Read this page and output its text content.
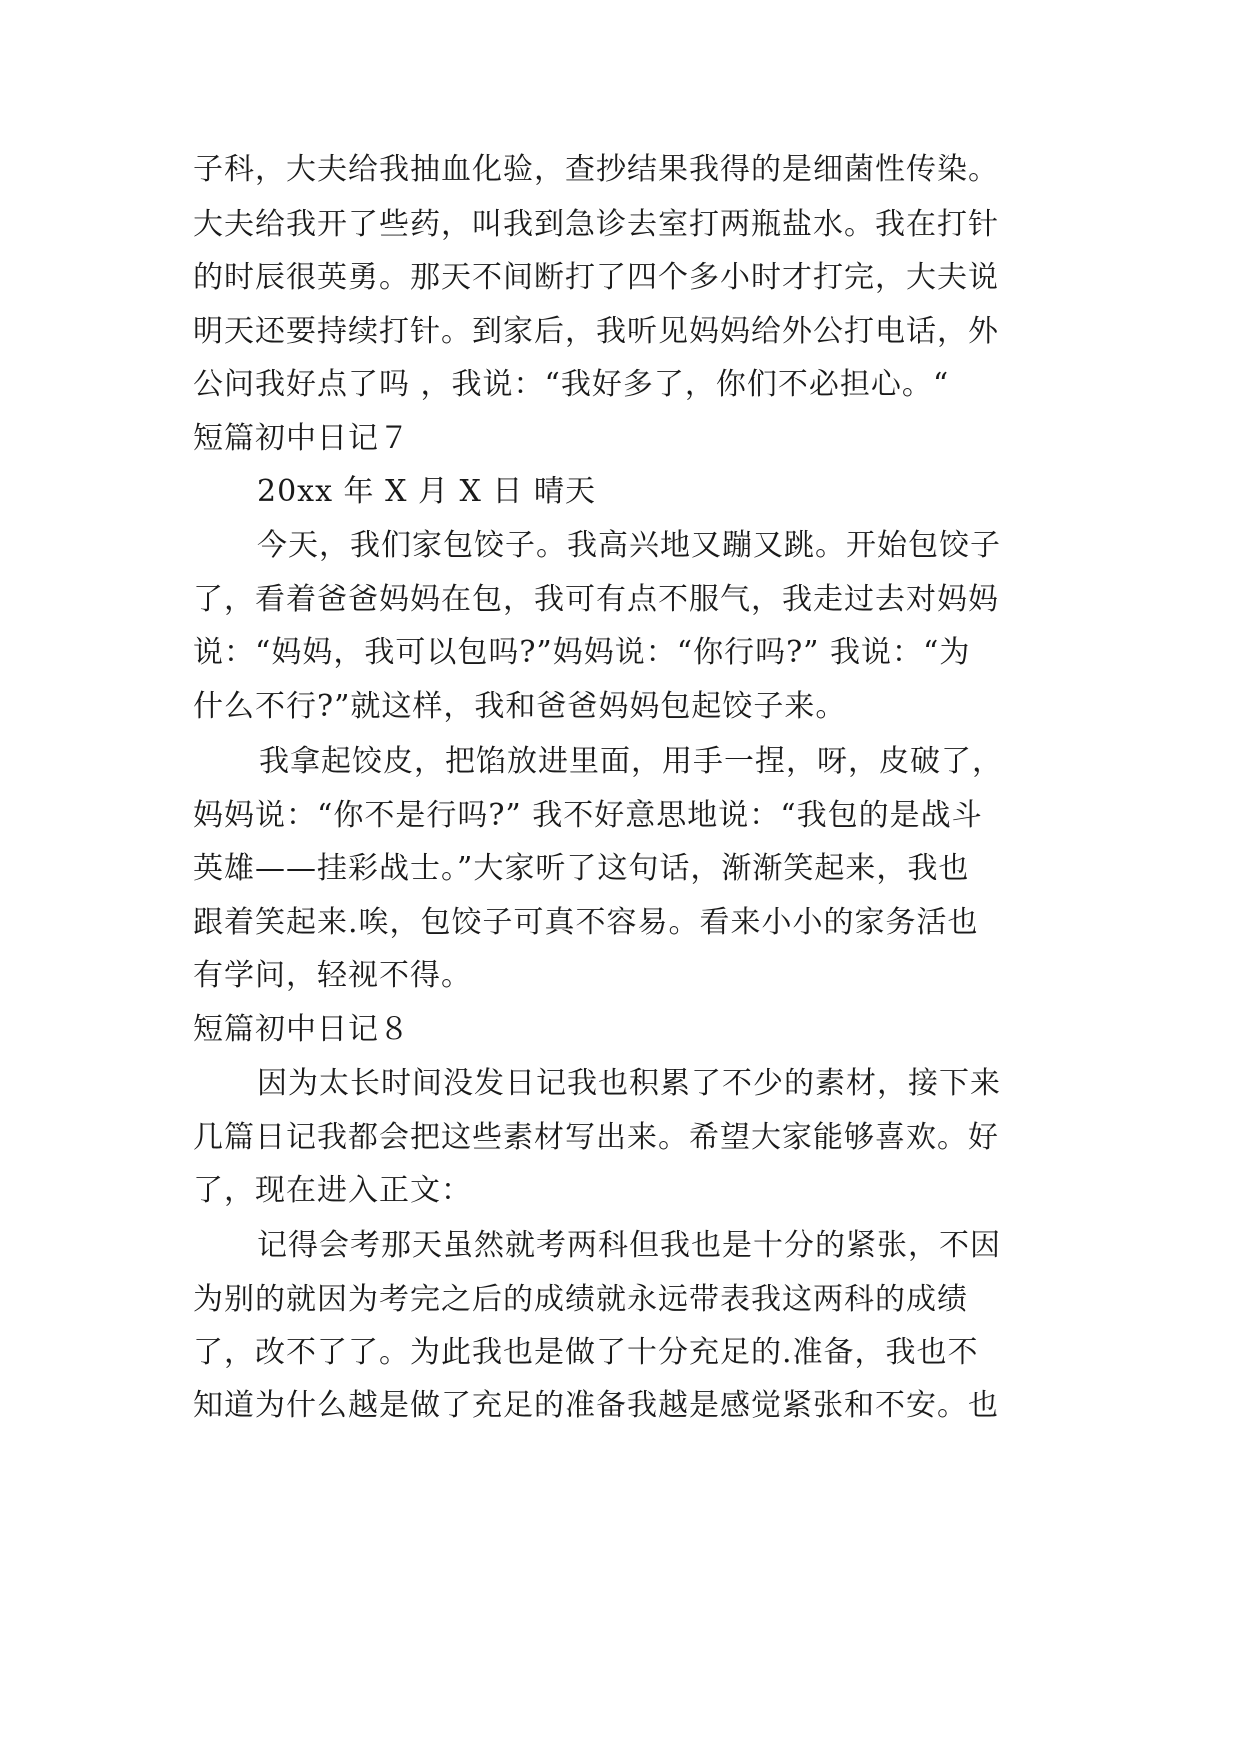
子科，大夫给我抽血化验，查抄结果我得的是细菌性传染。
大夫给我开了些药，叫我到急诊去室打两瓶盐水。我在打针
的时辰很英勇。那天不间断打了四个多小时才打完，大夫说
明天还要持续打针。到家后，我听见妈妈给外公打电话，外
公问我好点了吗 ，我说：“我好多了，你们不必担心。“
短篇初中日记７
20xx 年 X 月 X 日 晴天
今天，我们家包饺子。我高兴地又蹦又跳。开始包饺子
了，看着爸爸妈妈在包，我可有点不服气，我走过去对妈妈
说：“妈妈，我可以包吗?”妈妈说：“你行吗?” 我说：“为
什么不行?”就这样，我和爸爸妈妈包起饺子来。
我拿起饺皮，把馅放进里面，用手一捏，呀，皮破了，
妈妈说：“你不是行吗?” 我不好意思地说：“我包的是战斗
英雄——挂彩战士。”大家听了这句话，渐渐笑起来，我也
跟着笑起来.唉，包饺子可真不容易。看来小小的家务活也
有学问，轻视不得。
短篇初中日记８
因为太长时间没发日记我也积累了不少的素材，接下来
几篇日记我都会把这些素材写出来。希望大家能够喜欢。好
了，现在进入正文：
记得会考那天虽然就考两科但我也是十分的紧张，不因
为别的就因为考完之后的成绩就永远带表我这两科的成绩
了，改不了了。为此我也是做了十分充足的.准备，我也不
知道为什么越是做了充足的准备我越是感觉紧张和不安。也
